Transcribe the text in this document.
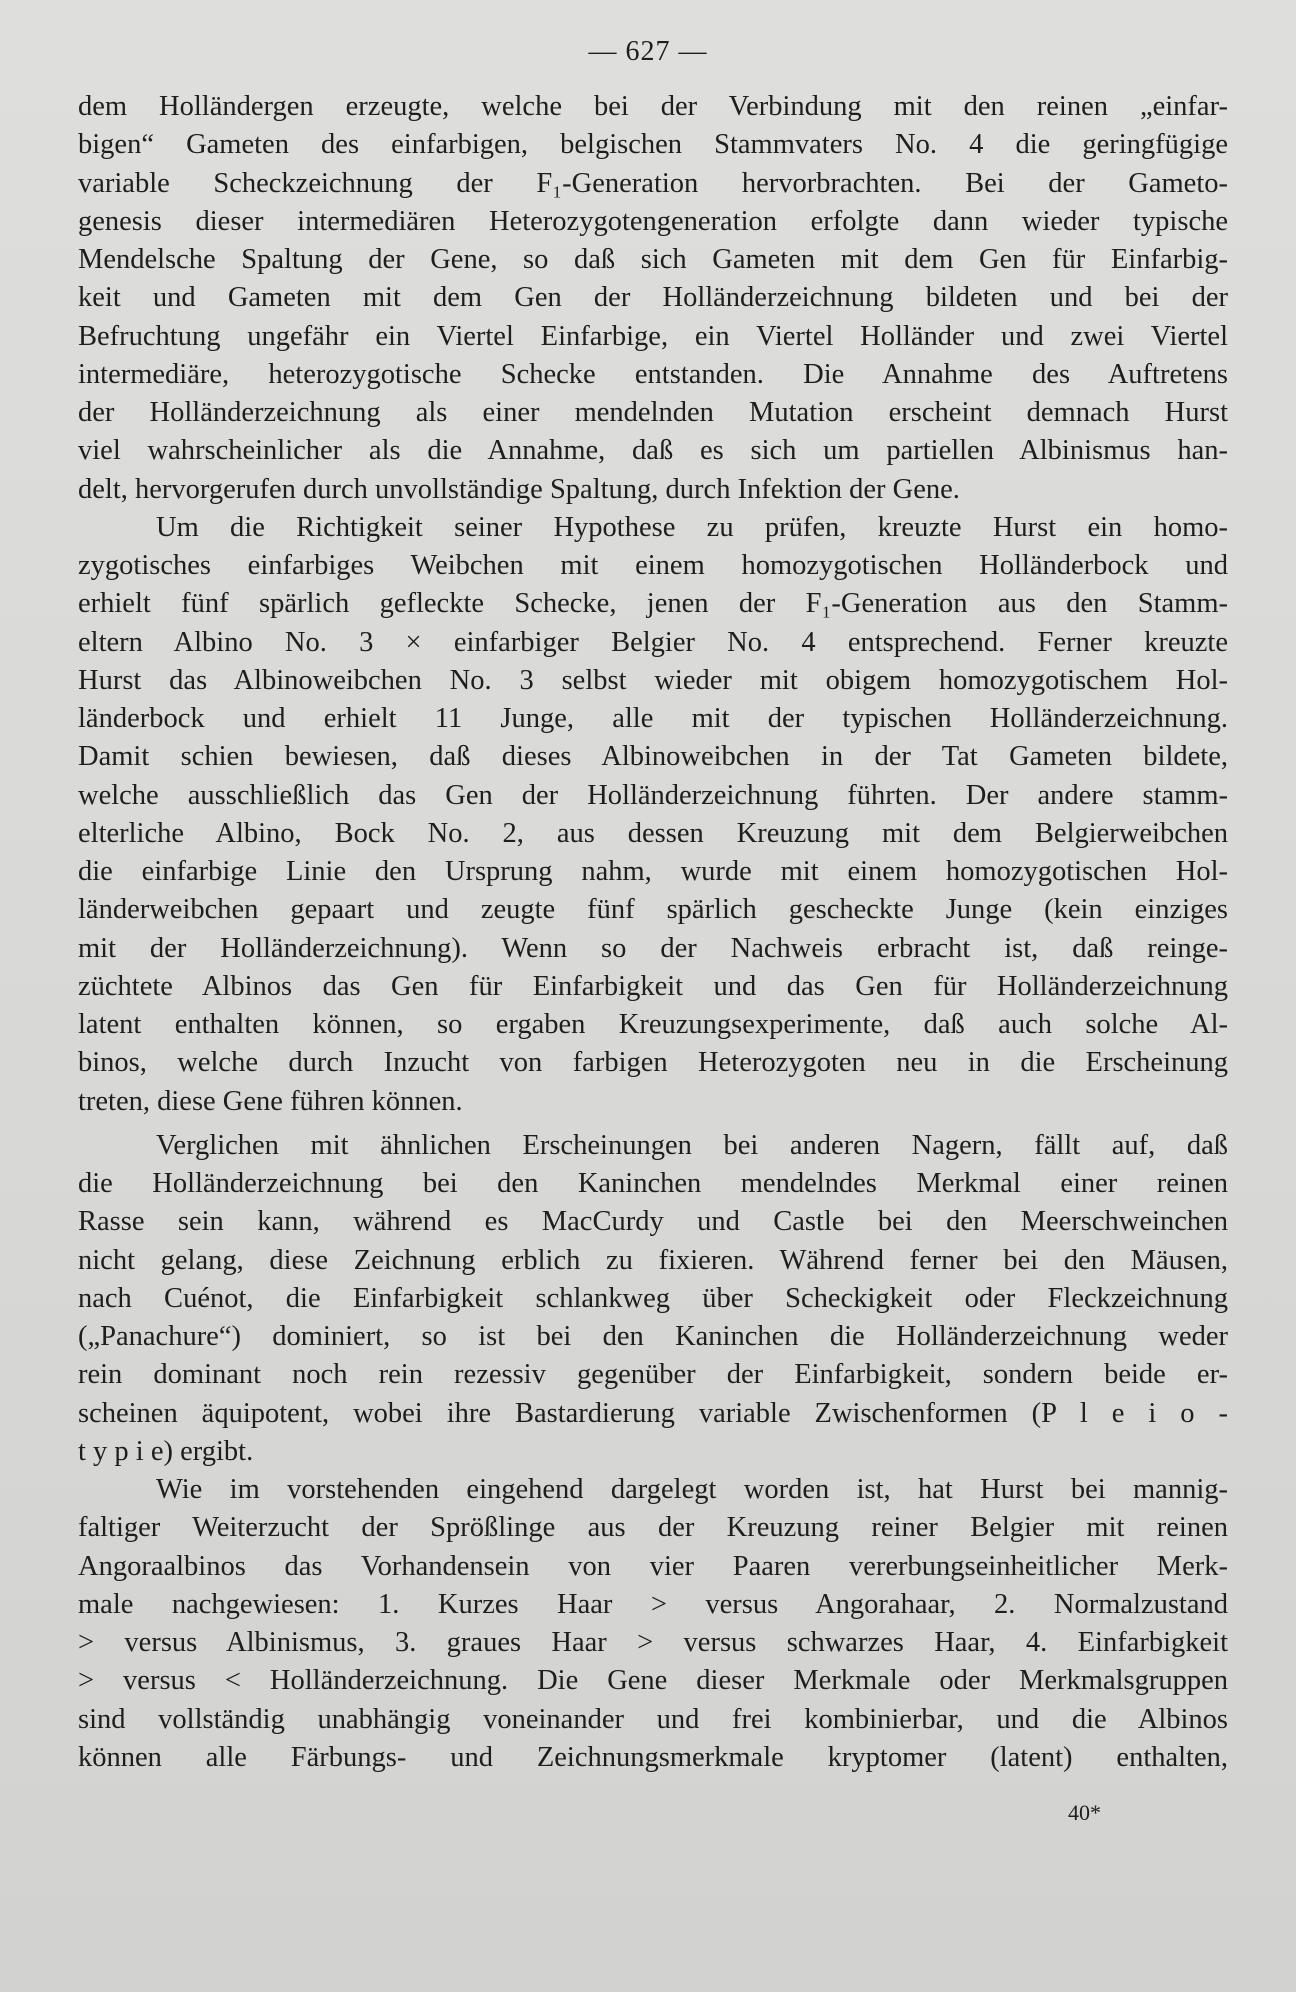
— 627 —
dem Holländergen erzeugte, welche bei der Verbindung mit den reinen „einfar-
bigen“ Gameten des einfarbigen, belgischen Stammvaters No. 4 die geringfügige
variable Scheckzeichnung der F₁-Generation hervorbrachten. Bei der Gameto-
genesis dieser intermediären Heterozygotengeneration erfolgte dann wieder typische
Mendelsche Spaltung der Gene, so daß sich Gameten mit dem Gen für Einfarbig-
keit und Gameten mit dem Gen der Holländerzeichnung bildeten und bei der
Befruchtung ungefähr ein Viertel Einfarbige, ein Viertel Holländer und zwei Viertel
intermediäre, heterozygotische Schecke entstanden. Die Annahme des Auftretens
der Holländerzeichnung als einer mendelnden Mutation erscheint demnach Hurst
viel wahrscheinlicher als die Annahme, daß es sich um partiellen Albinismus han-
delt, hervorgerufen durch unvollständige Spaltung, durch Infektion der Gene.
Um die Richtigkeit seiner Hypothese zu prüfen, kreuzte Hurst ein homo-
zygotisches einfarbiges Weibchen mit einem homozygotischen Holländerbock und
erhielt fünf spärlich gefleckte Schecke, jenen der F₁-Generation aus den Stamm-
eltern Albino No. 3 × einfarbiger Belgier No. 4 entsprechend. Ferner kreuzte
Hurst das Albinoweibchen No. 3 selbst wieder mit obigem homozygotischem Hol-
länderbock und erhielt 11 Junge, alle mit der typischen Holländerzeichnung.
Damit schien bewiesen, daß dieses Albinoweibchen in der Tat Gameten bildete,
welche ausschließlich das Gen der Holländerzeichnung führten. Der andere stamm-
elterliche Albino, Bock No. 2, aus dessen Kreuzung mit dem Belgierweibchen
die einfarbige Linie den Ursprung nahm, wurde mit einem homozygotischen Hol-
länderweibchen gepaart und zeugte fünf spärlich gescheckte Junge (kein einziges
mit der Holländerzeichnung). Wenn so der Nachweis erbracht ist, daß reinge-
züchtete Albinos das Gen für Einfarbigkeit und das Gen für Holländerzeichnung
latent enthalten können, so ergaben Kreuzungsexperimente, daß auch solche Al-
binos, welche durch Inzucht von farbigen Heterozygoten neu in die Erscheinung
treten, diese Gene führen können.
Verglichen mit ähnlichen Erscheinungen bei anderen Nagern, fällt auf, daß
die Holländerzeichnung bei den Kaninchen mendelndes Merkmal einer reinen
Rasse sein kann, während es MacCurdy und Castle bei den Meerschweinchen
nicht gelang, diese Zeichnung erblich zu fixieren. Während ferner bei den Mäusen,
nach Cuénot, die Einfarbigkeit schlankweg über Scheckigkeit oder Fleckzeichnung
(„Panachure“) dominiert, so ist bei den Kaninchen die Holländerzeichnung weder
rein dominant noch rein rezessiv gegenüber der Einfarbigkeit, sondern beide er-
scheinen äquipotent, wobei ihre Bastardierung variable Zwischenformen (P l e i o -
t y p i e) ergibt.
Wie im vorstehenden eingehend dargelegt worden ist, hat Hurst bei mannig-
faltiger Weiterzucht der Sprößlinge aus der Kreuzung reiner Belgier mit reinen
Angoraalbinos das Vorhandensein von vier Paaren vererbungseinheitlicher Merk-
male nachgewiesen: 1. Kurzes Haar > versus Angorahaar, 2. Normalzustand
> versus Albinismus, 3. graues Haar > versus schwarzes Haar, 4. Einfarbigkeit
> versus < Holländerzeichnung. Die Gene dieser Merkmale oder Merkmalsgruppen
sind vollständig unabhängig voneinander und frei kombinierbar, und die Albinos
können alle Färbungs- und Zeichnungsmerkmale kryptomer (latent) enthalten,
40*
